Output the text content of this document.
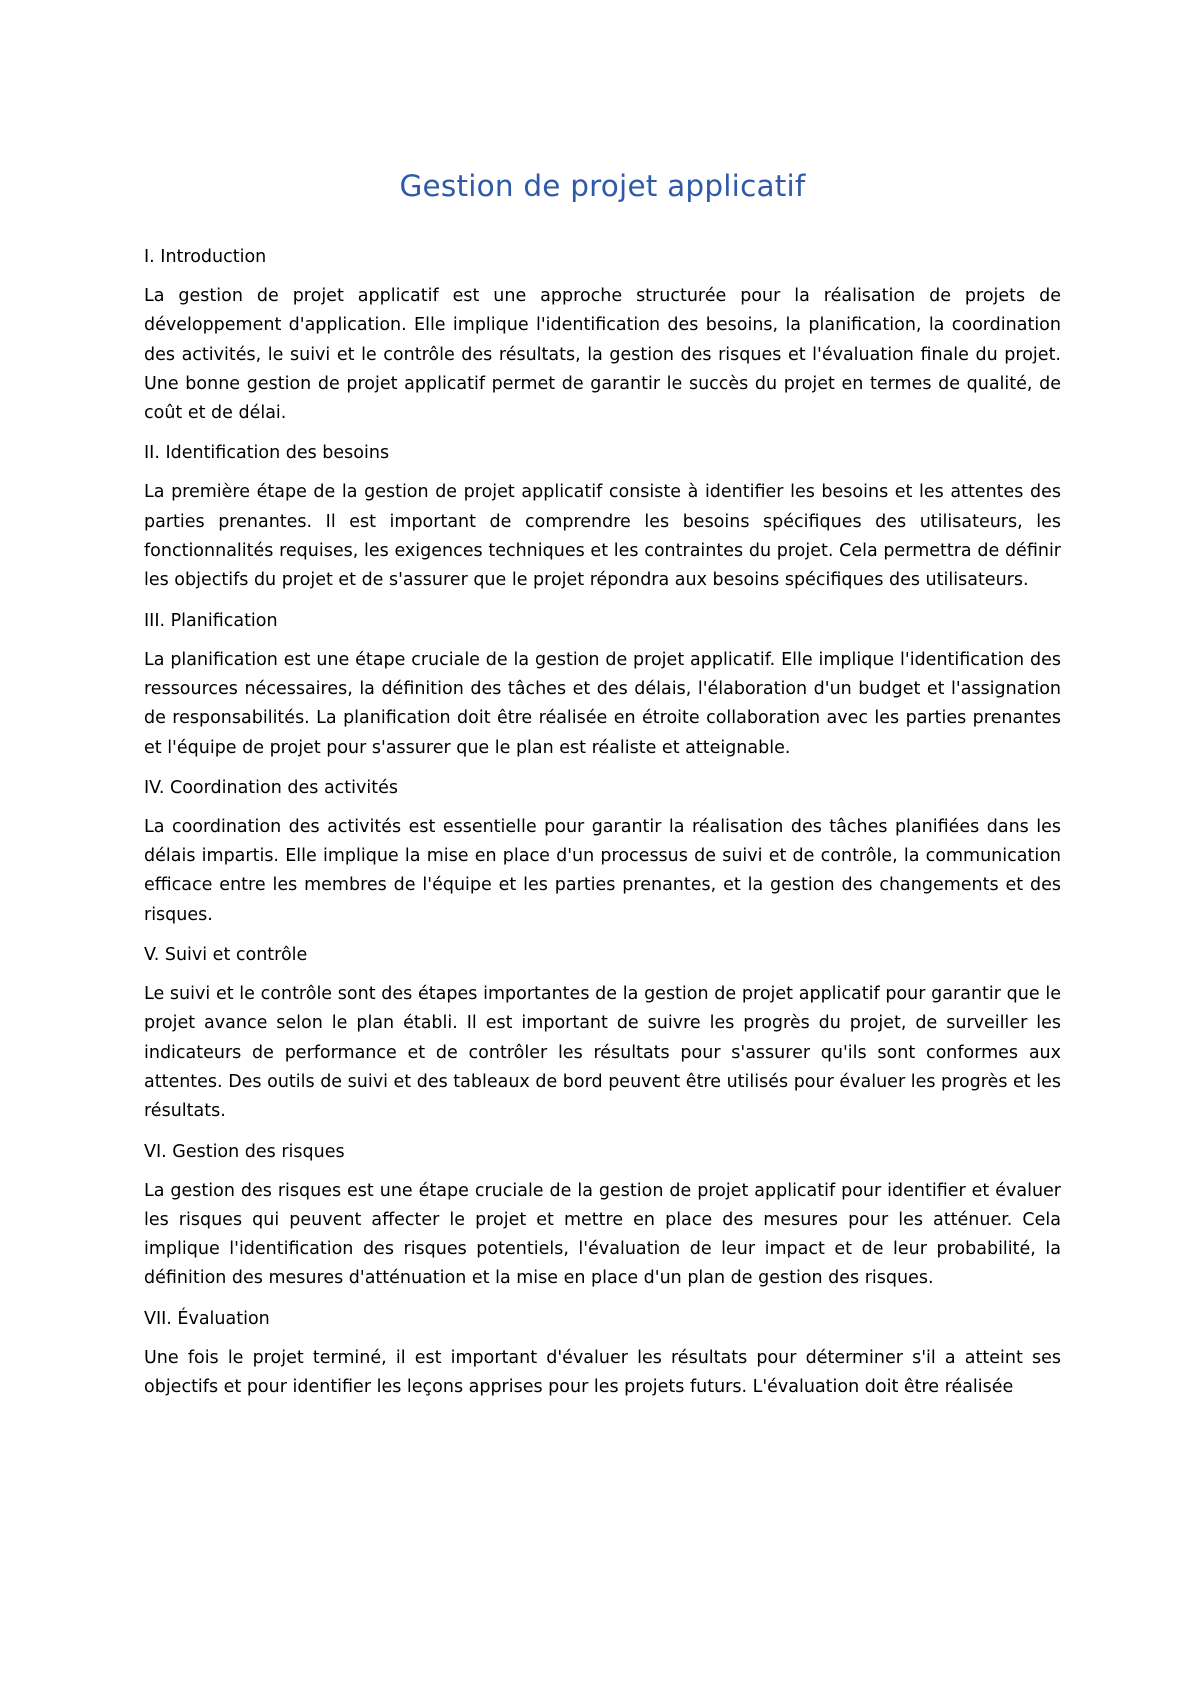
Gestion de projet applicatif

I. Introduction

La gestion de projet applicatif est une approche structurée pour la réalisation de projets de développement d'application. Elle implique l'identification des besoins, la planification, la coordination des activités, le suivi et le contrôle des résultats, la gestion des risques et l'évaluation finale du projet. Une bonne gestion de projet applicatif permet de garantir le succès du projet en termes de qualité, de coût et de délai.

II. Identification des besoins

La première étape de la gestion de projet applicatif consiste à identifier les besoins et les attentes des parties prenantes. Il est important de comprendre les besoins spécifiques des utilisateurs, les fonctionnalités requises, les exigences techniques et les contraintes du projet. Cela permettra de définir les objectifs du projet et de s'assurer que le projet répondra aux besoins spécifiques des utilisateurs.

III. Planification

La planification est une étape cruciale de la gestion de projet applicatif. Elle implique l'identification des ressources nécessaires, la définition des tâches et des délais, l'élaboration d'un budget et l'assignation de responsabilités. La planification doit être réalisée en étroite collaboration avec les parties prenantes et l'équipe de projet pour s'assurer que le plan est réaliste et atteignable.

IV. Coordination des activités

La coordination des activités est essentielle pour garantir la réalisation des tâches planifiées dans les délais impartis. Elle implique la mise en place d'un processus de suivi et de contrôle, la communication efficace entre les membres de l'équipe et les parties prenantes, et la gestion des changements et des risques.

V. Suivi et contrôle

Le suivi et le contrôle sont des étapes importantes de la gestion de projet applicatif pour garantir que le projet avance selon le plan établi. Il est important de suivre les progrès du projet, de surveiller les indicateurs de performance et de contrôler les résultats pour s'assurer qu'ils sont conformes aux attentes. Des outils de suivi et des tableaux de bord peuvent être utilisés pour évaluer les progrès et les résultats.

VI. Gestion des risques

La gestion des risques est une étape cruciale de la gestion de projet applicatif pour identifier et évaluer les risques qui peuvent affecter le projet et mettre en place des mesures pour les atténuer. Cela implique l'identification des risques potentiels, l'évaluation de leur impact et de leur probabilité, la définition des mesures d'atténuation et la mise en place d'un plan de gestion des risques.

VII. Évaluation

Une fois le projet terminé, il est important d'évaluer les résultats pour déterminer s'il a atteint ses objectifs et pour identifier les leçons apprises pour les projets futurs. L'évaluation doit être réalisée
